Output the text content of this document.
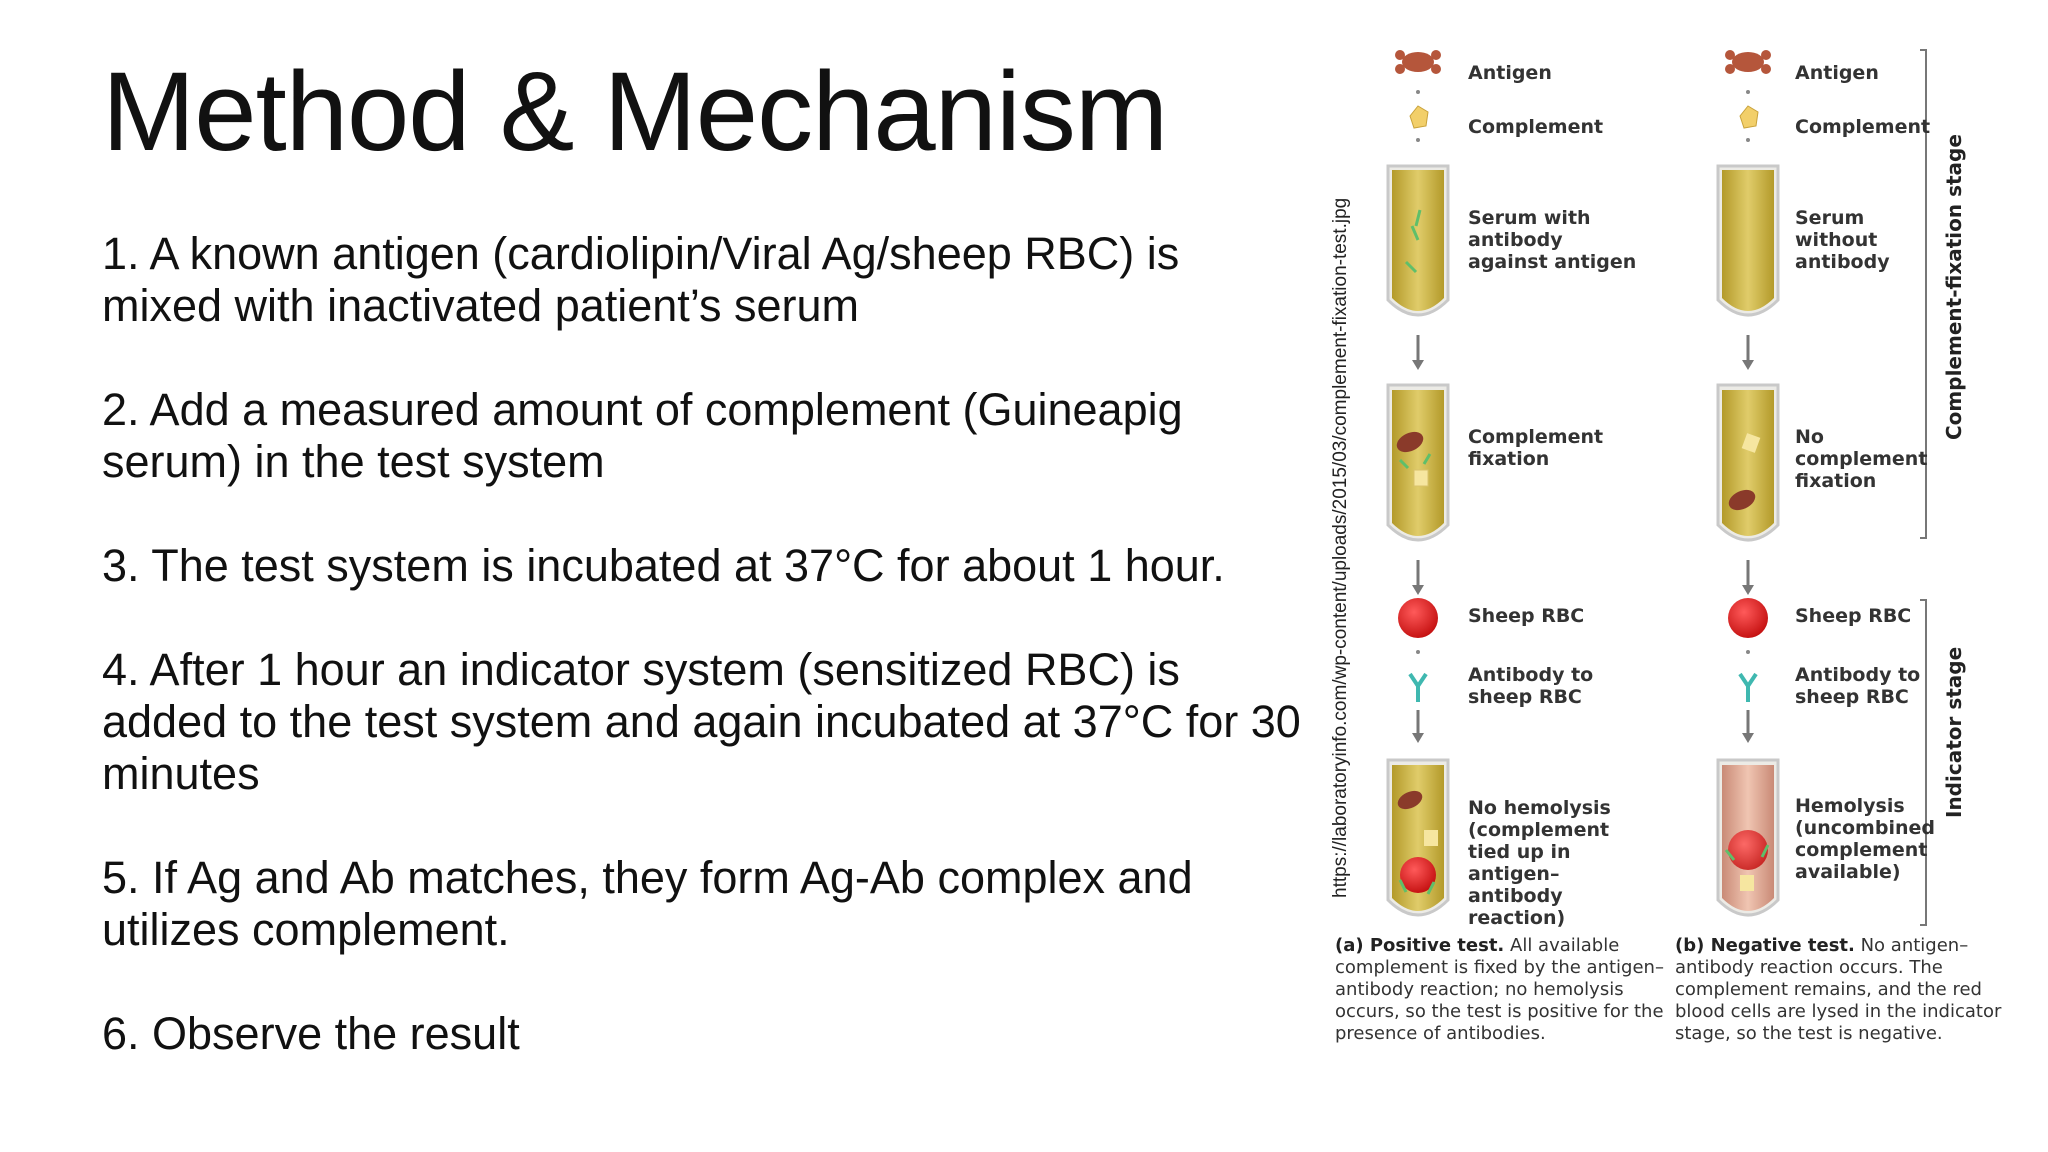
Method & Mechanism
1. A known antigen (cardiolipin/Viral Ag/sheep RBC) is mixed with inactivated patient’s serum
2. Add a measured amount of complement (Guineapig serum) in the test system
3. The test system is incubated at 37°C for about 1 hour.
4. After 1 hour an indicator system (sensitized RBC) is added to the test system and again incubated at 37°C for 30 minutes
5. If Ag and Ab matches, they form Ag-Ab complex and utilizes complement.
6. Observe the result
https://laboratoryinfo.com/wp-content/uploads/2015/03/complement-fixation-test.jpg
Antigen
Complement
Serum with antibody against antigen
Complement fixation
Sheep RBC
Antibody to sheep RBC
No hemolysis (complement tied up in antigen–antibody reaction)
Antigen
Complement
Serum without antibody
No complement fixation
Sheep RBC
Antibody to sheep RBC
Hemolysis (uncombined complement available)
Complement-fixation stage
Indicator stage
(a) Positive test. All available complement is fixed by the antigen–antibody reaction; no hemolysis occurs, so the test is positive for the presence of antibodies.
(b) Negative test. No antigen–antibody reaction occurs. The complement remains, and the red blood cells are lysed in the indicator stage, so the test is negative.
